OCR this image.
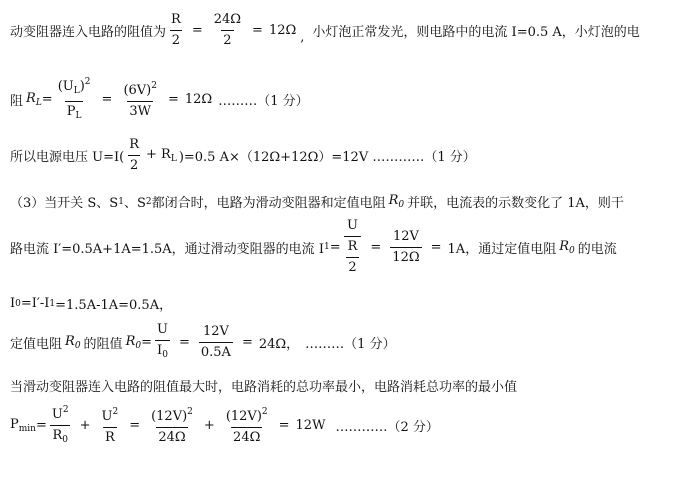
动变阻器连入电路的阻值为 $\frac{R}{2} = \frac{24\Omega}{2} = 12\Omega$ , 小灯泡正常发光，则电路中的电流 I=0.5 A，小灯泡的电
阻 $R_L = \frac{(U_L)^2}{P_L} = \frac{(6V)^2}{3W} = 12\Omega$ ………（1 分）
所以电源电压 $U=I( \frac{R}{2} + R_L$ )=0.5 A×（12Ω+12Ω）=12V …………（1 分）
（3）当开关 S、S 1 、S 2 都闭合时，电路为滑动变阻器和定值电阻 $R_0$ 并联，电流表的示数变化了 1A，则干
路电流 I′=0.5A+1A=1.5A，通过滑动变阻器的电流 I $1 = \frac{U}{\frac{R}{2}} = \frac{12V}{12\Omega} = 1A$，通过定值电阻 $R_0$ 的电流
I 0 =I′-I 1 =1.5A-1A=0.5A，
定值电阻 $R_0$ 的阻值 $R_0 = \frac{U}{I_0} = \frac{12V}{0.5A} = 24\Omega$， ………（1 分）
当滑动变阻器连入电路的阻值最大时，电路消耗的总功率最小，电路消耗总功率的最小值
$P_{min} = \frac{U^2}{R_0} + \frac{U^2}{R} = \frac{(12V)^2}{24\Omega} + \frac{(12V)^2}{24\Omega} = 12W$ …………（2 分）
